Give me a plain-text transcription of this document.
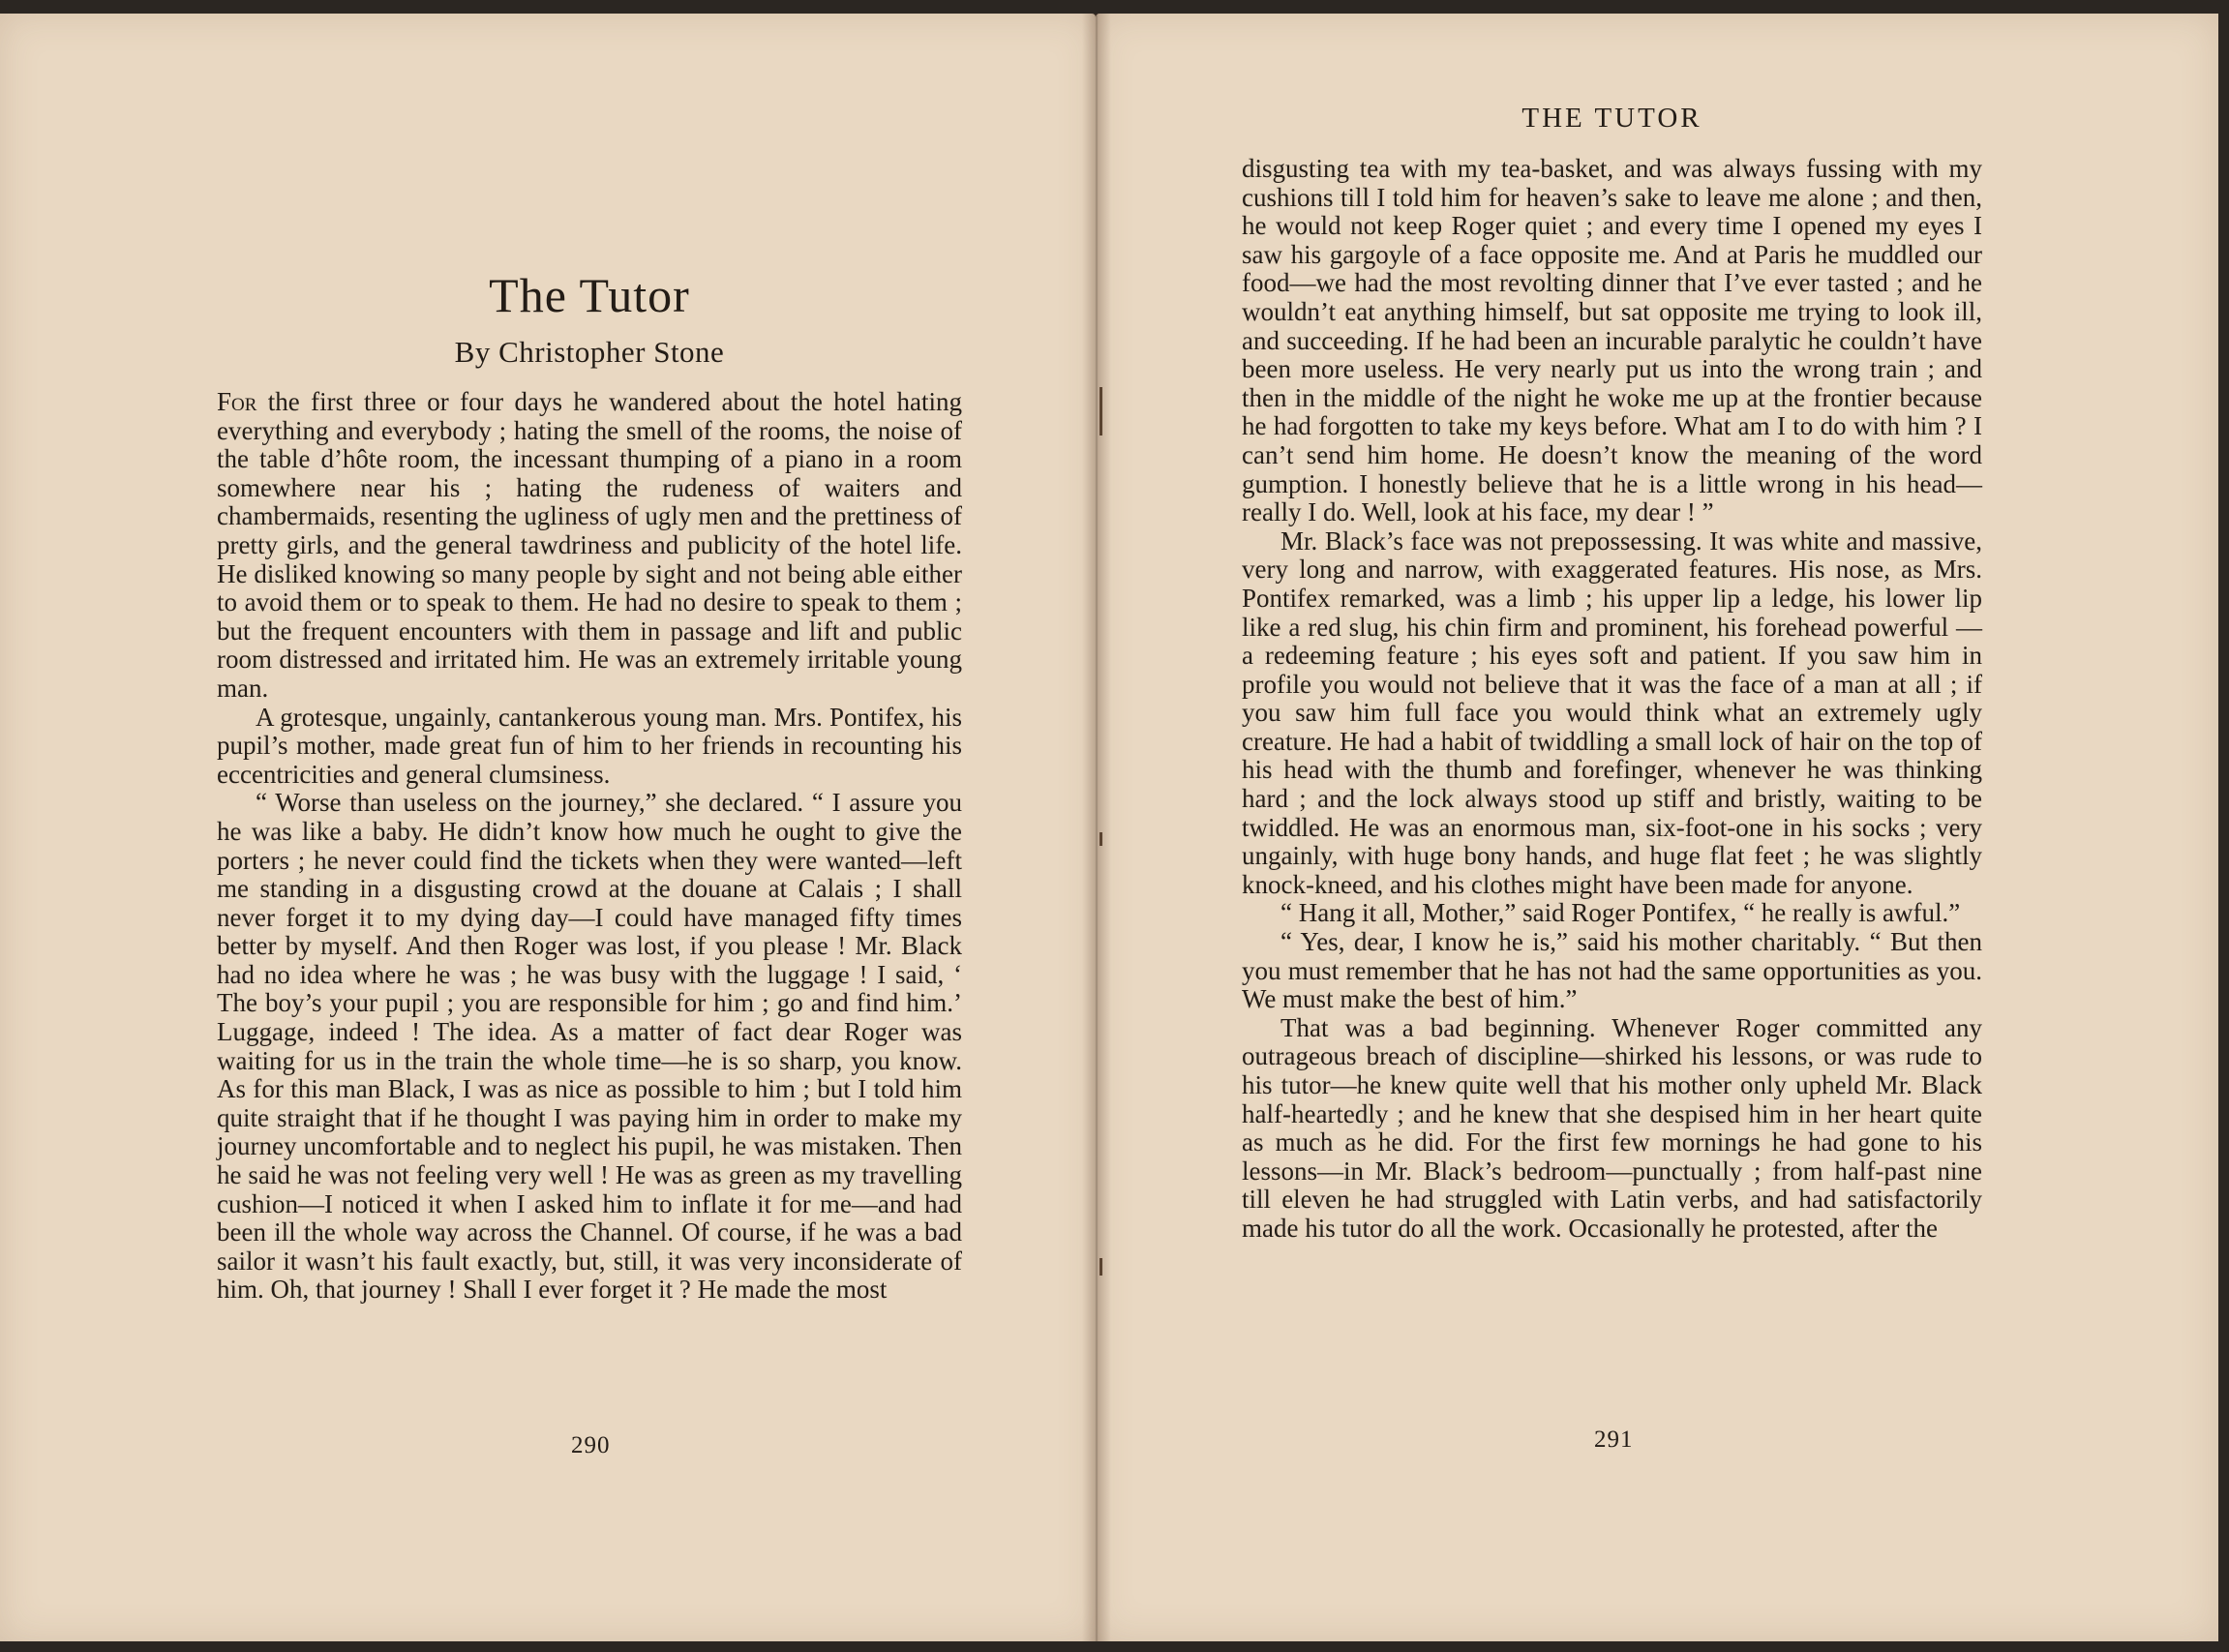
The Tutor
By Christopher Stone

For the first three or four days he wandered about the hotel hating everything and everybody ; hating the smell of the rooms, the noise of the table d’hôte room, the incessant thumping of a piano in a room somewhere near his ; hating the rudeness of waiters and chambermaids, resenting the ugliness of ugly men and the prettiness of pretty girls, and the general tawdriness and publicity of the hotel life. He disliked knowing so many people by sight and not being able either to avoid them or to speak to them. He had no desire to speak to them ; but the frequent encounters with them in passage and lift and public room distressed and irritated him. He was an extremely irritable young man.

A grotesque, ungainly, cantankerous young man. Mrs. Pontifex, his pupil’s mother, made great fun of him to her friends in recounting his eccentricities and general clumsiness.

“ Worse than useless on the journey,” she declared. “ I assure you he was like a baby. He didn’t know how much he ought to give the porters ; he never could find the tickets when they were wanted—left me standing in a disgusting crowd at the douane at Calais ; I shall never forget it to my dying day—I could have managed fifty times better by myself. And then Roger was lost, if you please ! Mr. Black had no idea where he was ; he was busy with the luggage ! I said, ‘ The boy’s your pupil ; you are responsible for him ; go and find him.’ Luggage, indeed ! The idea. As a matter of fact dear Roger was waiting for us in the train the whole time—he is so sharp, you know. As for this man Black, I was as nice as possible to him ; but I told him quite straight that if he thought I was paying him in order to make my journey uncomfortable and to neglect his pupil, he was mistaken. Then he said he was not feeling very well ! He was as green as my travelling cushion—I noticed it when I asked him to inflate it for me—and had been ill the whole way across the Channel. Of course, if he was a bad sailor it wasn’t his fault exactly, but, still, it was very inconsiderate of him. Oh, that journey ! Shall I ever forget it ? He made the most

290
THE TUTOR

disgusting tea with my tea-basket, and was always fussing with my cushions till I told him for heaven’s sake to leave me alone ; and then, he would not keep Roger quiet ; and every time I opened my eyes I saw his gargoyle of a face opposite me. And at Paris he muddled our food—we had the most revolting dinner that I’ve ever tasted ; and he wouldn’t eat anything himself, but sat opposite me trying to look ill, and succeeding. If he had been an incurable paralytic he couldn’t have been more useless. He very nearly put us into the wrong train ; and then in the middle of the night he woke me up at the frontier because he had forgotten to take my keys before. What am I to do with him ? I can’t send him home. He doesn’t know the meaning of the word gumption. I honestly believe that he is a little wrong in his head—really I do. Well, look at his face, my dear ! ”

Mr. Black’s face was not prepossessing. It was white and massive, very long and narrow, with exaggerated features. His nose, as Mrs. Pontifex remarked, was a limb ; his upper lip a ledge, his lower lip like a red slug, his chin firm and prominent, his forehead powerful — a redeeming feature ; his eyes soft and patient. If you saw him in profile you would not believe that it was the face of a man at all ; if you saw him full face you would think what an extremely ugly creature. He had a habit of twiddling a small lock of hair on the top of his head with the thumb and forefinger, whenever he was thinking hard ; and the lock always stood up stiff and bristly, waiting to be twiddled. He was an enormous man, six-foot-one in his socks ; very ungainly, with huge bony hands, and huge flat feet ; he was slightly knock-kneed, and his clothes might have been made for anyone.

“ Hang it all, Mother,” said Roger Pontifex, “ he really is awful.”

“ Yes, dear, I know he is,” said his mother charitably. “ But then you must remember that he has not had the same opportunities as you. We must make the best of him.”

That was a bad beginning. Whenever Roger committed any outrageous breach of discipline—shirked his lessons, or was rude to his tutor—he knew quite well that his mother only upheld Mr. Black half-heartedly ; and he knew that she despised him in her heart quite as much as he did. For the first few mornings he had gone to his lessons—in Mr. Black’s bedroom—punctually ; from half-past nine till eleven he had struggled with Latin verbs, and had satisfactorily made his tutor do all the work. Occasionally he protested, after the

291
